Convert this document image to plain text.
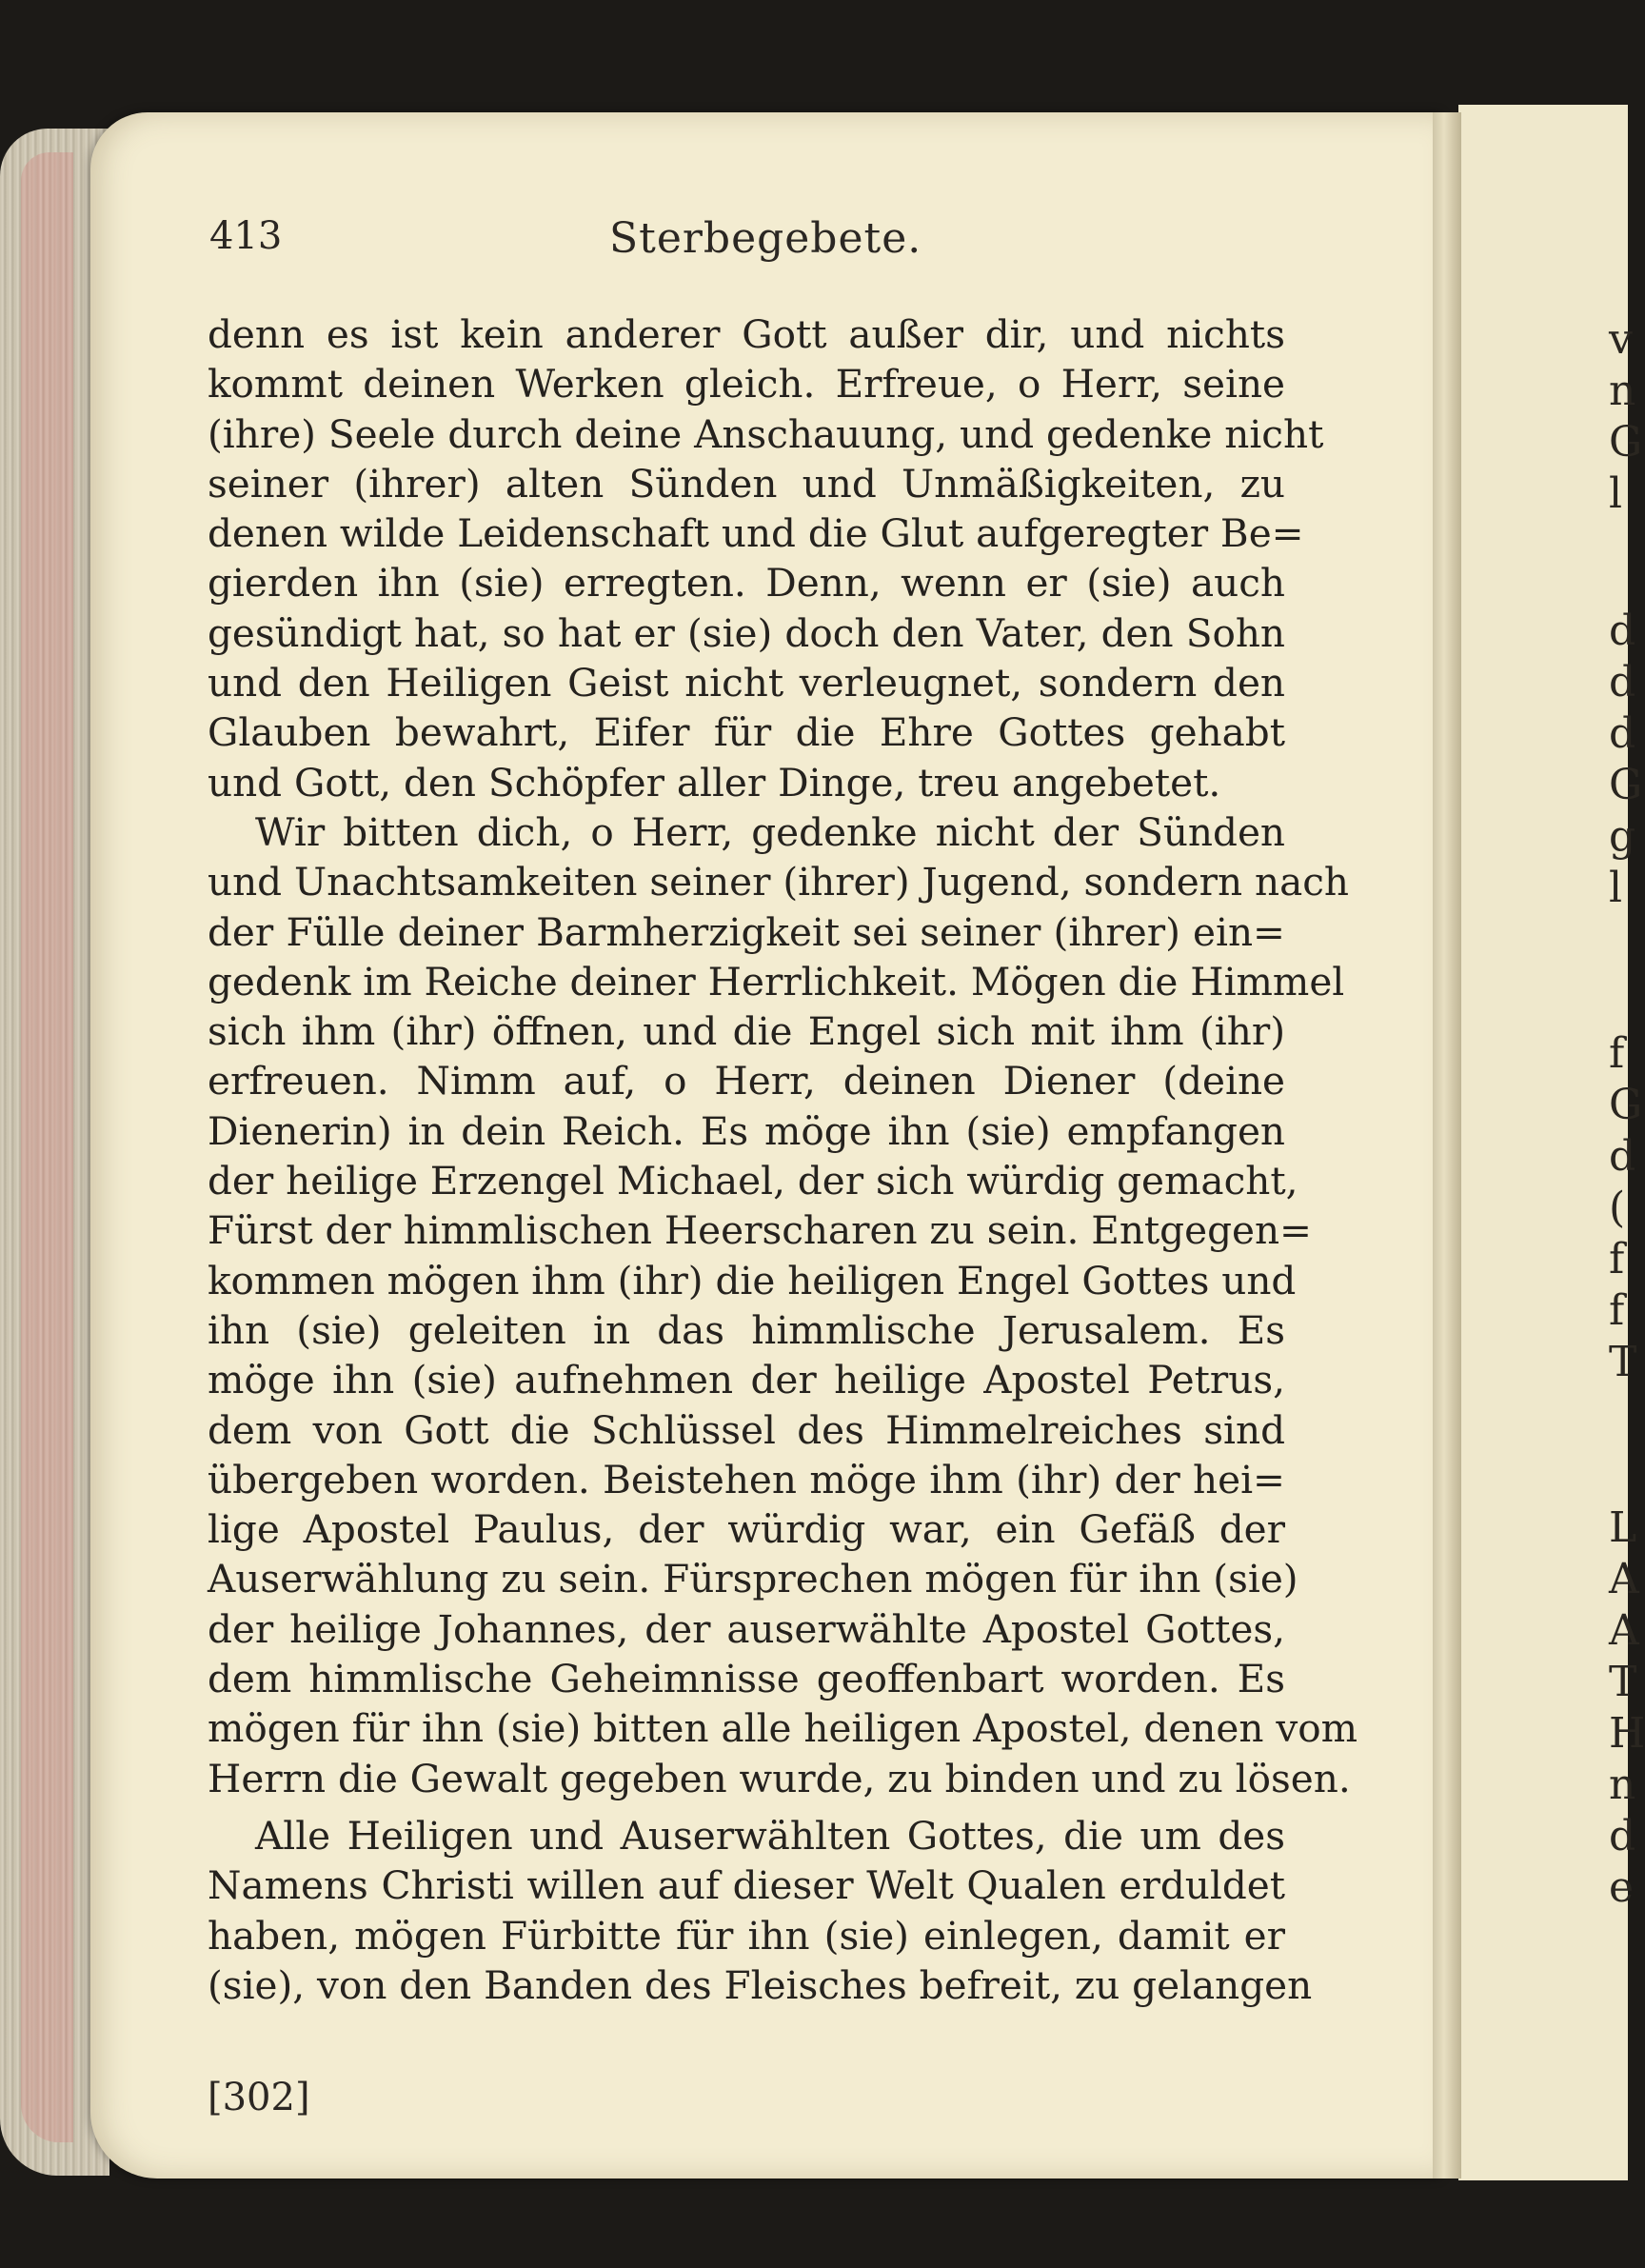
v
n
G
l
d
d
d
G
g
l
f
G
d
(
f
f
T
L
A
A
T
H
n
d
e
413	Sterbegebete.
denn es ist kein anderer Gott außer dir, und nichts
kommt deinen Werken gleich. Erfreue, o Herr, seine
(ihre) Seele durch deine Anschauung, und gedenke nicht
seiner (ihrer) alten Sünden und Unmäßigkeiten, zu
denen wilde Leidenschaft und die Glut aufgeregter Be=
gierden ihn (sie) erregten. Denn, wenn er (sie) auch
gesündigt hat, so hat er (sie) doch den Vater, den Sohn
und den Heiligen Geist nicht verleugnet, sondern den
Glauben bewahrt, Eifer für die Ehre Gottes gehabt
und Gott, den Schöpfer aller Dinge, treu angebetet.
Wir bitten dich, o Herr, gedenke nicht der Sünden
und Unachtsamkeiten seiner (ihrer) Jugend, sondern nach
der Fülle deiner Barmherzigkeit sei seiner (ihrer) ein=
gedenk im Reiche deiner Herrlichkeit. Mögen die Himmel
sich ihm (ihr) öffnen, und die Engel sich mit ihm (ihr)
erfreuen. Nimm auf, o Herr, deinen Diener (deine
Dienerin) in dein Reich. Es möge ihn (sie) empfangen
der heilige Erzengel Michael, der sich würdig gemacht,
Fürst der himmlischen Heerscharen zu sein. Entgegen=
kommen mögen ihm (ihr) die heiligen Engel Gottes und
ihn (sie) geleiten in das himmlische Jerusalem. Es
möge ihn (sie) aufnehmen der heilige Apostel Petrus,
dem von Gott die Schlüssel des Himmelreiches sind
übergeben worden. Beistehen möge ihm (ihr) der hei=
lige Apostel Paulus, der würdig war, ein Gefäß der
Auserwählung zu sein. Fürsprechen mögen für ihn (sie)
der heilige Johannes, der auserwählte Apostel Gottes,
dem himmlische Geheimnisse geoffenbart worden. Es
mögen für ihn (sie) bitten alle heiligen Apostel, denen vom
Herrn die Gewalt gegeben wurde, zu binden und zu lösen.
Alle Heiligen und Auserwählten Gottes, die um des
Namens Christi willen auf dieser Welt Qualen erduldet
haben, mögen Fürbitte für ihn (sie) einlegen, damit er
(sie), von den Banden des Fleisches befreit, zu gelangen
[302]
